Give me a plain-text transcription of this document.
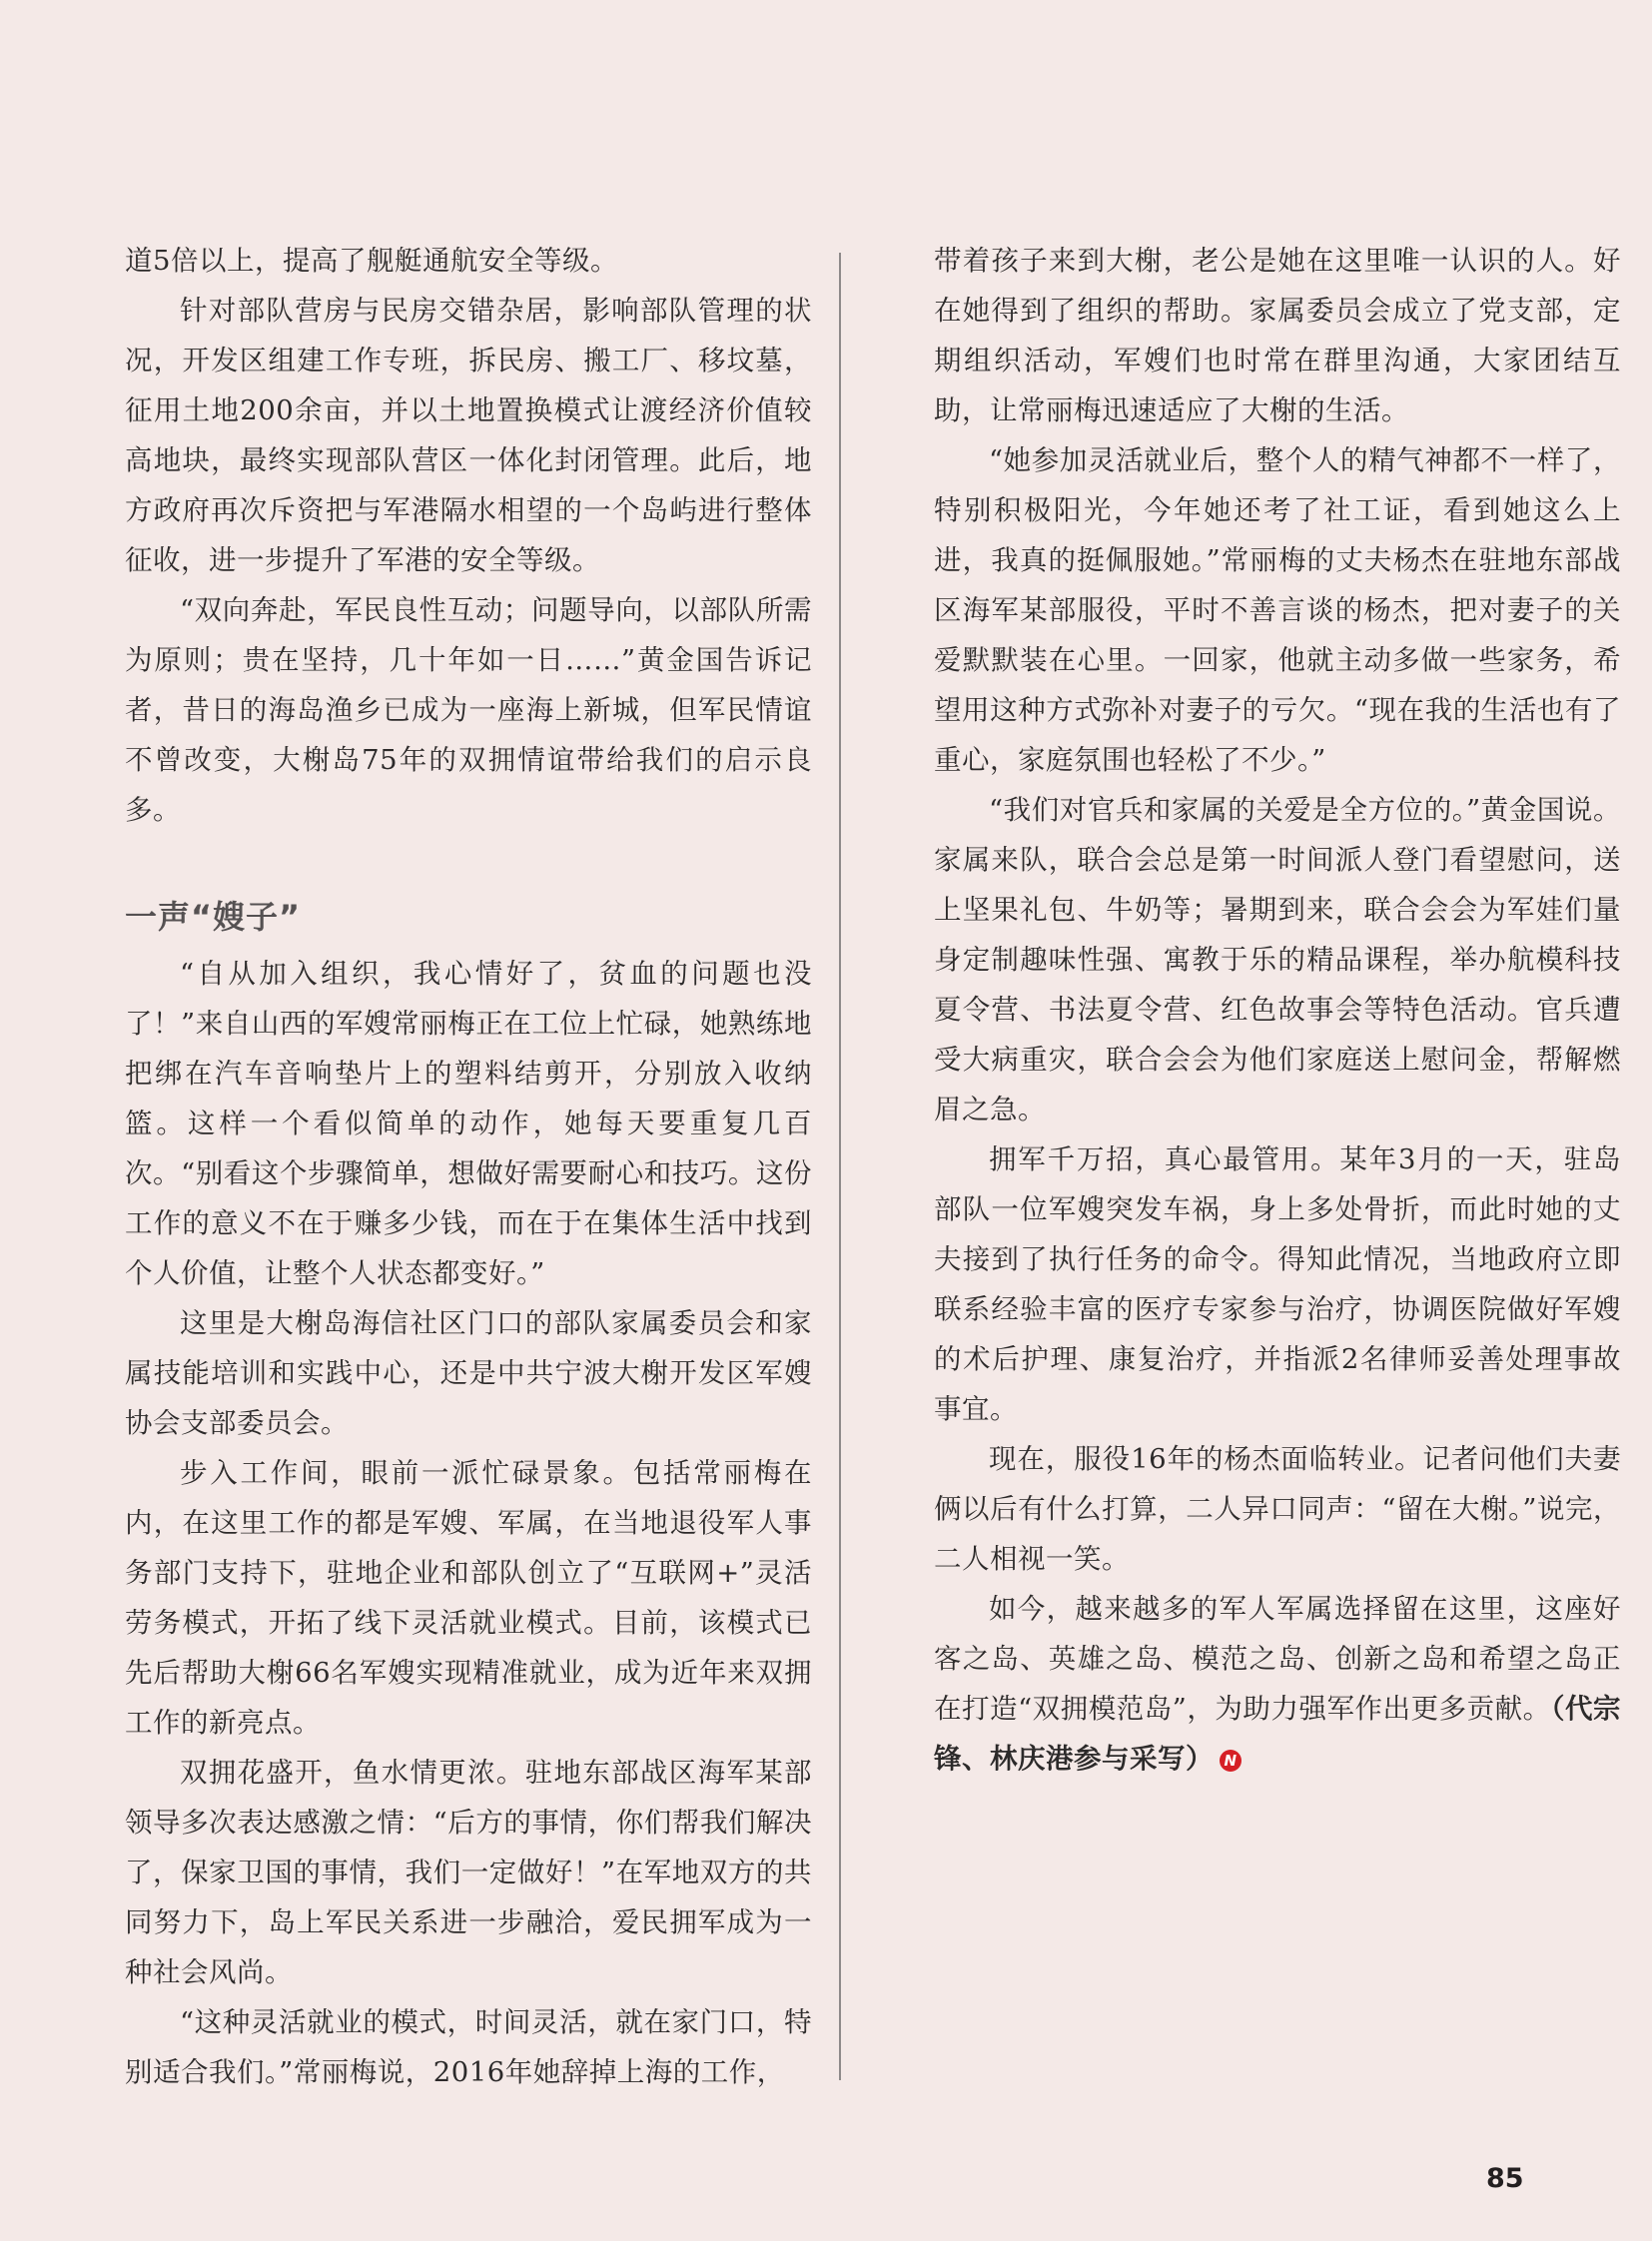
道5倍以上，提高了舰艇通航安全等级。

针对部队营房与民房交错杂居，影响部队管理的状况，开发区组建工作专班，拆民房、搬工厂、移坟墓，征用土地200余亩，并以土地置换模式让渡经济价值较高地块，最终实现部队营区一体化封闭管理。此后，地方政府再次斥资把与军港隔水相望的一个岛屿进行整体征收，进一步提升了军港的安全等级。

“双向奔赴，军民良性互动；问题导向，以部队所需为原则；贵在坚持，几十年如一日……”黄金国告诉记者，昔日的海岛渔乡已成为一座海上新城，但军民情谊不曾改变，大榭岛75年的双拥情谊带给我们的启示良多。

一声“嫂子”

“自从加入组织，我心情好了，贫血的问题也没了！”来自山西的军嫂常丽梅正在工位上忙碌，她熟练地把绑在汽车音响垫片上的塑料结剪开，分别放入收纳篮。这样一个看似简单的动作，她每天要重复几百次。“别看这个步骤简单，想做好需要耐心和技巧。这份工作的意义不在于赚多少钱，而在于在集体生活中找到个人价值，让整个人状态都变好。”

这里是大榭岛海信社区门口的部队家属委员会和家属技能培训和实践中心，还是中共宁波大榭开发区军嫂协会支部委员会。

步入工作间，眼前一派忙碌景象。包括常丽梅在内，在这里工作的都是军嫂、军属，在当地退役军人事务部门支持下，驻地企业和部队创立了“互联网+”灵活劳务模式，开拓了线下灵活就业模式。目前，该模式已先后帮助大榭66名军嫂实现精准就业，成为近年来双拥工作的新亮点。

双拥花盛开，鱼水情更浓。驻地东部战区海军某部领导多次表达感激之情：“后方的事情，你们帮我们解决了，保家卫国的事情，我们一定做好！”在军地双方的共同努力下，岛上军民关系进一步融洽，爱民拥军成为一种社会风尚。

“这种灵活就业的模式，时间灵活，就在家门口，特别适合我们。”常丽梅说，2016年她辞掉上海的工作，

带着孩子来到大榭，老公是她在这里唯一认识的人。好在她得到了组织的帮助。家属委员会成立了党支部，定期组织活动，军嫂们也时常在群里沟通，大家团结互助，让常丽梅迅速适应了大榭的生活。

“她参加灵活就业后，整个人的精气神都不一样了，特别积极阳光，今年她还考了社工证，看到她这么上进，我真的挺佩服她。”常丽梅的丈夫杨杰在驻地东部战区海军某部服役，平时不善言谈的杨杰，把对妻子的关爱默默装在心里。一回家，他就主动多做一些家务，希望用这种方式弥补对妻子的亏欠。“现在我的生活也有了重心，家庭氛围也轻松了不少。”

“我们对官兵和家属的关爱是全方位的。”黄金国说。家属来队，联合会总是第一时间派人登门看望慰问，送上坚果礼包、牛奶等；暑期到来，联合会会为军娃们量身定制趣味性强、寓教于乐的精品课程，举办航模科技夏令营、书法夏令营、红色故事会等特色活动。官兵遭受大病重灾，联合会会为他们家庭送上慰问金，帮解燃眉之急。

拥军千万招，真心最管用。某年3月的一天，驻岛部队一位军嫂突发车祸，身上多处骨折，而此时她的丈夫接到了执行任务的命令。得知此情况，当地政府立即联系经验丰富的医疗专家参与治疗，协调医院做好军嫂的术后护理、康复治疗，并指派2名律师妥善处理事故事宜。

现在，服役16年的杨杰面临转业。记者问他们夫妻俩以后有什么打算，二人异口同声：“留在大榭。”说完，二人相视一笑。

如今，越来越多的军人军属选择留在这里，这座好客之岛、英雄之岛、模范之岛、创新之岛和希望之岛正在打造“双拥模范岛”，为助力强军作出更多贡献。（代宗锋、林庆港参与采写） N

85
